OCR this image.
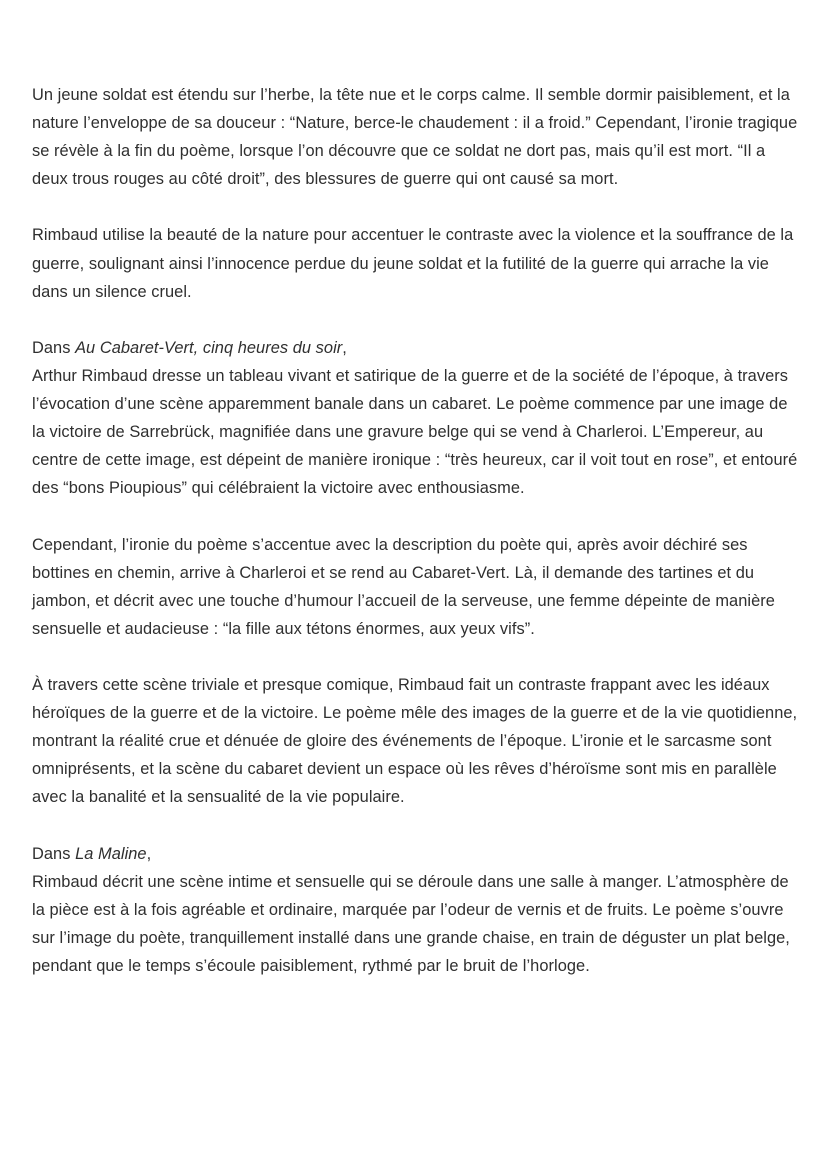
Un jeune soldat est étendu sur l’herbe, la tête nue et le corps calme. Il semble dormir paisiblement, et la nature l’enveloppe de sa douceur : “Nature, berce-le chaudement : il a froid.” Cependant, l’ironie tragique se révèle à la fin du poème, lorsque l’on découvre que ce soldat ne dort pas, mais qu’il est mort. “Il a deux trous rouges au côté droit”, des blessures de guerre qui ont causé sa mort.

Rimbaud utilise la beauté de la nature pour accentuer le contraste avec la violence et la souffrance de la guerre, soulignant ainsi l’innocence perdue du jeune soldat et la futilité de la guerre qui arrache la vie dans un silence cruel.

Dans Au Cabaret-Vert, cinq heures du soir,
Arthur Rimbaud dresse un tableau vivant et satirique de la guerre et de la société de l’époque, à travers l’évocation d’une scène apparemment banale dans un cabaret. Le poème commence par une image de la victoire de Sarrebrück, magnifiée dans une gravure belge qui se vend à Charleroi. L’Empereur, au centre de cette image, est dépeint de manière ironique : “très heureux, car il voit tout en rose”, et entouré des “bons Pioupious” qui célébraient la victoire avec enthousiasme.

Cependant, l’ironie du poème s’accentue avec la description du poète qui, après avoir déchiré ses bottines en chemin, arrive à Charleroi et se rend au Cabaret-Vert. Là, il demande des tartines et du jambon, et décrit avec une touche d’humour l’accueil de la serveuse, une femme dépeinte de manière sensuelle et audacieuse : “la fille aux tétons énormes, aux yeux vifs”.

À travers cette scène triviale et presque comique, Rimbaud fait un contraste frappant avec les idéaux héroïques de la guerre et de la victoire. Le poème mêle des images de la guerre et de la vie quotidienne, montrant la réalité crue et dénuée de gloire des événements de l’époque. L’ironie et le sarcasme sont omniprésents, et la scène du cabaret devient un espace où les rêves d’héroïsme sont mis en parallèle avec la banalité et la sensualité de la vie populaire.

Dans La Maline,
Rimbaud décrit une scène intime et sensuelle qui se déroule dans une salle à manger. L’atmosphère de la pièce est à la fois agréable et ordinaire, marquée par l’odeur de vernis et de fruits. Le poème s’ouvre sur l’image du poète, tranquillement installé dans une grande chaise, en train de déguster un plat belge, pendant que le temps s’écoule paisiblement, rythmé par le bruit de l’horloge.
